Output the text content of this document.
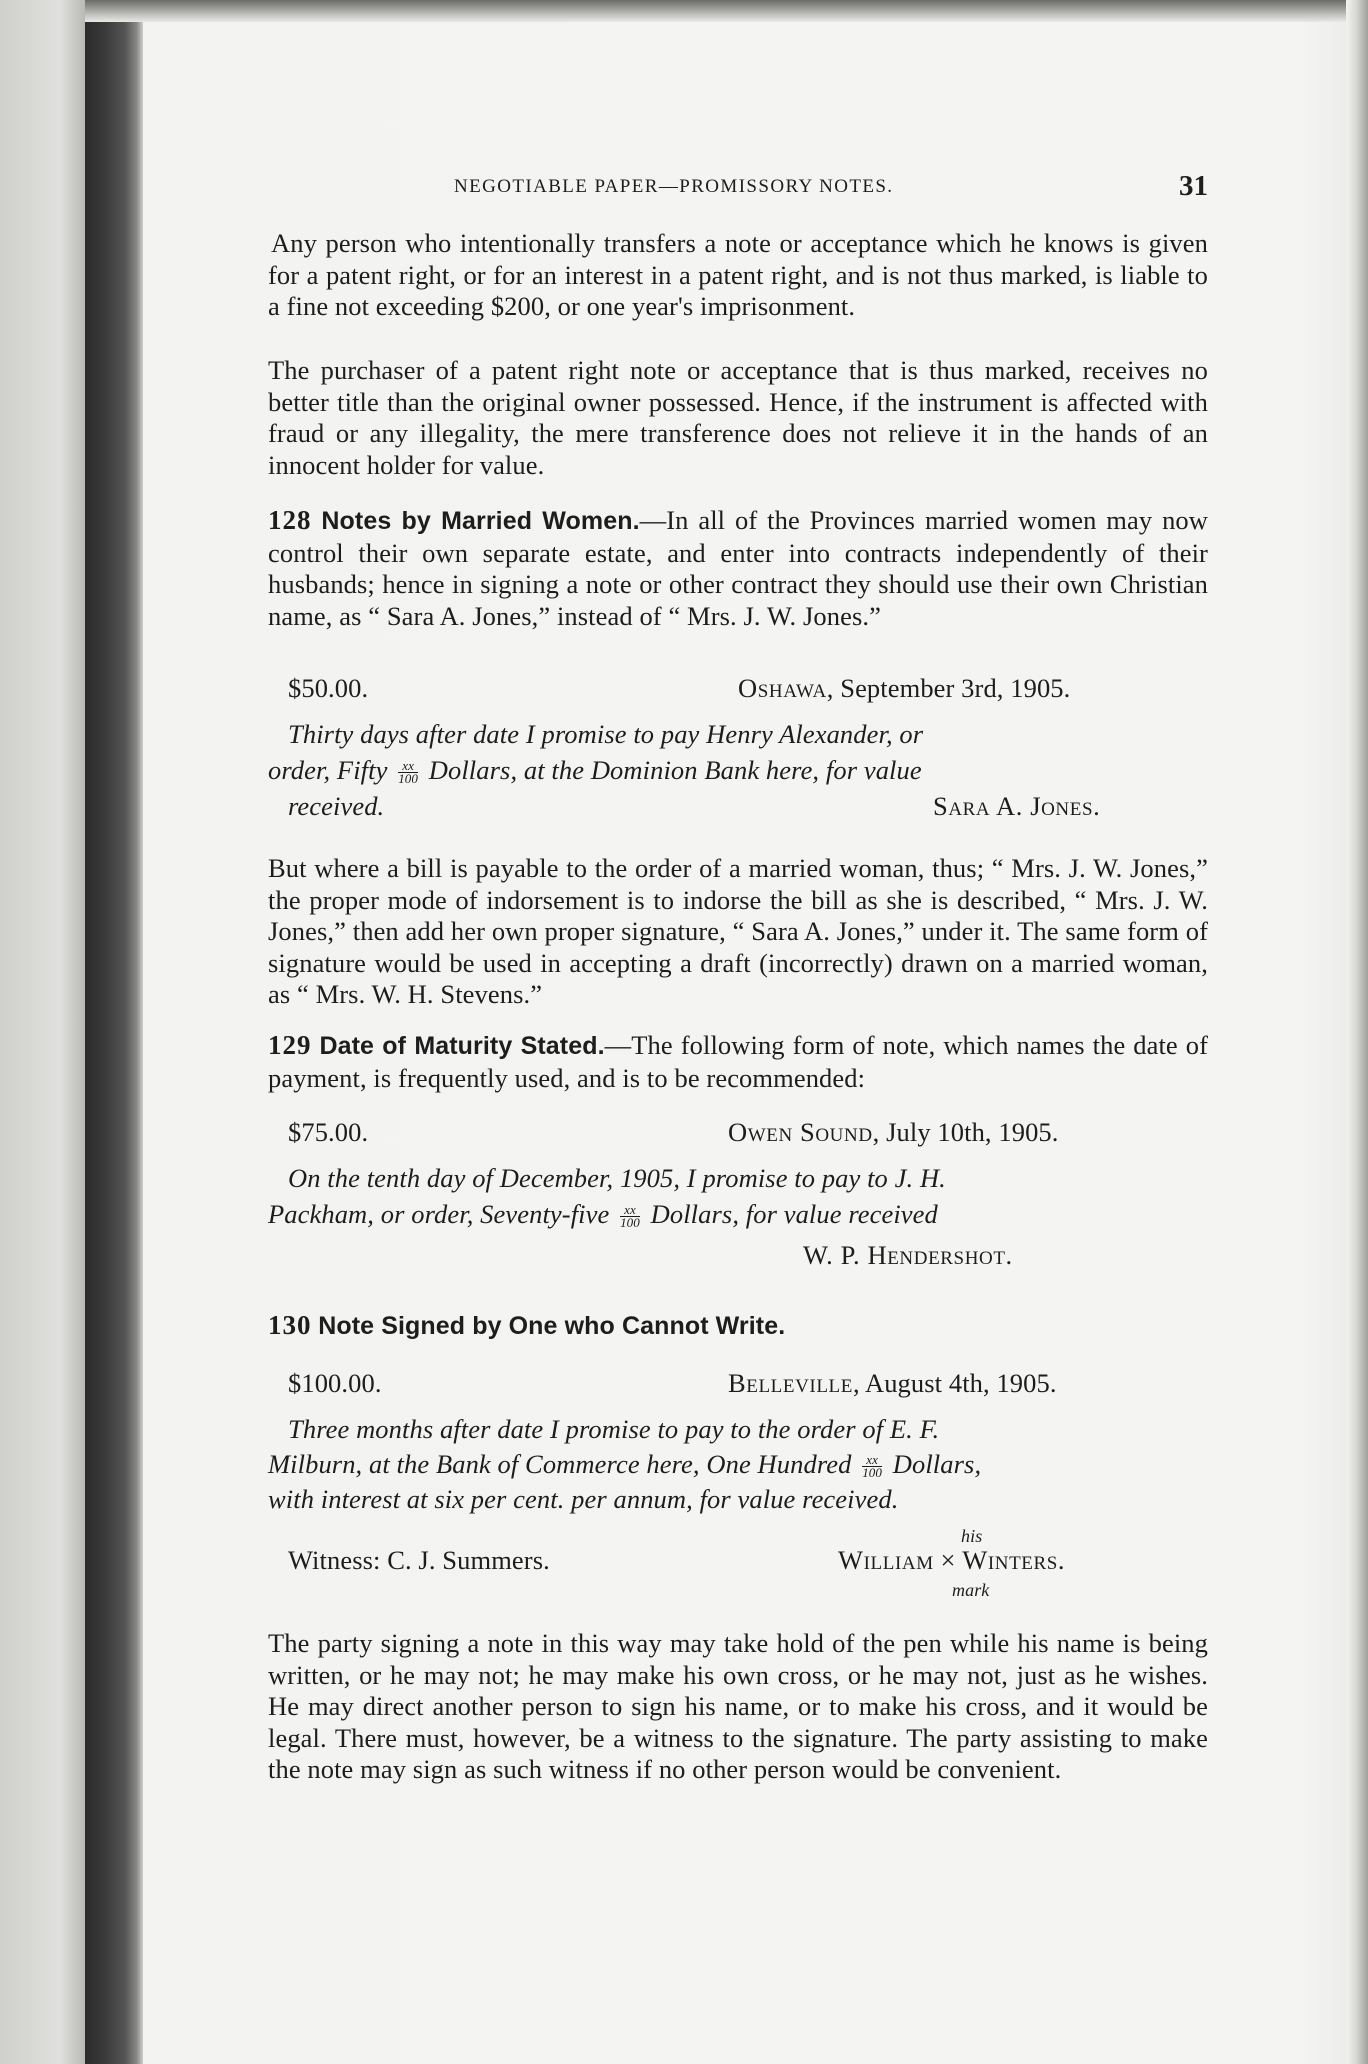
NEGOTIABLE PAPER—PROMISSORY NOTES.	31

Any person who intentionally transfers a note or acceptance which he knows is given for a patent right, or for an interest in a patent right, and is not thus marked, is liable to a fine not exceeding $200, or one year's imprisonment.

The purchaser of a patent right note or acceptance that is thus marked, receives no better title than the original owner possessed. Hence, if the instrument is affected with fraud or any illegality, the mere transference does not relieve it in the hands of an innocent holder for value.

128 Notes by Married Women.—In all of the Provinces married women may now control their own separate estate, and enter into contracts independently of their husbands; hence in signing a note or other contract they should use their own Christian name, as “ Sara A. Jones,” instead of “ Mrs. J. W. Jones.”

$50.00.	Oshawa, September 3rd, 1905.
Thirty days after date I promise to pay Henry Alexander, or
order, Fifty $\frac{xx}{100}$ Dollars, at the Dominion Bank here, for value
received.	Sara A. Jones.

But where a bill is payable to the order of a married woman, thus; “ Mrs. J. W. Jones,” the proper mode of indorsement is to indorse the bill as she is described, “ Mrs. J. W. Jones,” then add her own proper signature, “ Sara A. Jones,” under it. The same form of signature would be used in accepting a draft (incorrectly) drawn on a married woman, as “ Mrs. W. H. Stevens.”

129 Date of Maturity Stated.—The following form of note, which names the date of payment, is frequently used, and is to be recommended:

$75.00.	Owen Sound, July 10th, 1905.
On the tenth day of December, 1905, I promise to pay to J. H.
Packham, or order, Seventy-five $\frac{xx}{100}$ Dollars, for value received
W. P. Hendershot.

130 Note Signed by One who Cannot Write.

$100.00.	Belleville, August 4th, 1905.
Three months after date I promise to pay to the order of E. F.
Milburn, at the Bank of Commerce here, One Hundred $\frac{xx}{100}$ Dollars,
with interest at six per cent. per annum, for value received.
his
Witness: C. J. Summers.	William × Winters.
mark

The party signing a note in this way may take hold of the pen while his name is being written, or he may not; he may make his own cross, or he may not, just as he wishes. He may direct another person to sign his name, or to make his cross, and it would be legal. There must, however, be a witness to the signature. The party assisting to make the note may sign as such witness if no other person would be convenient.
